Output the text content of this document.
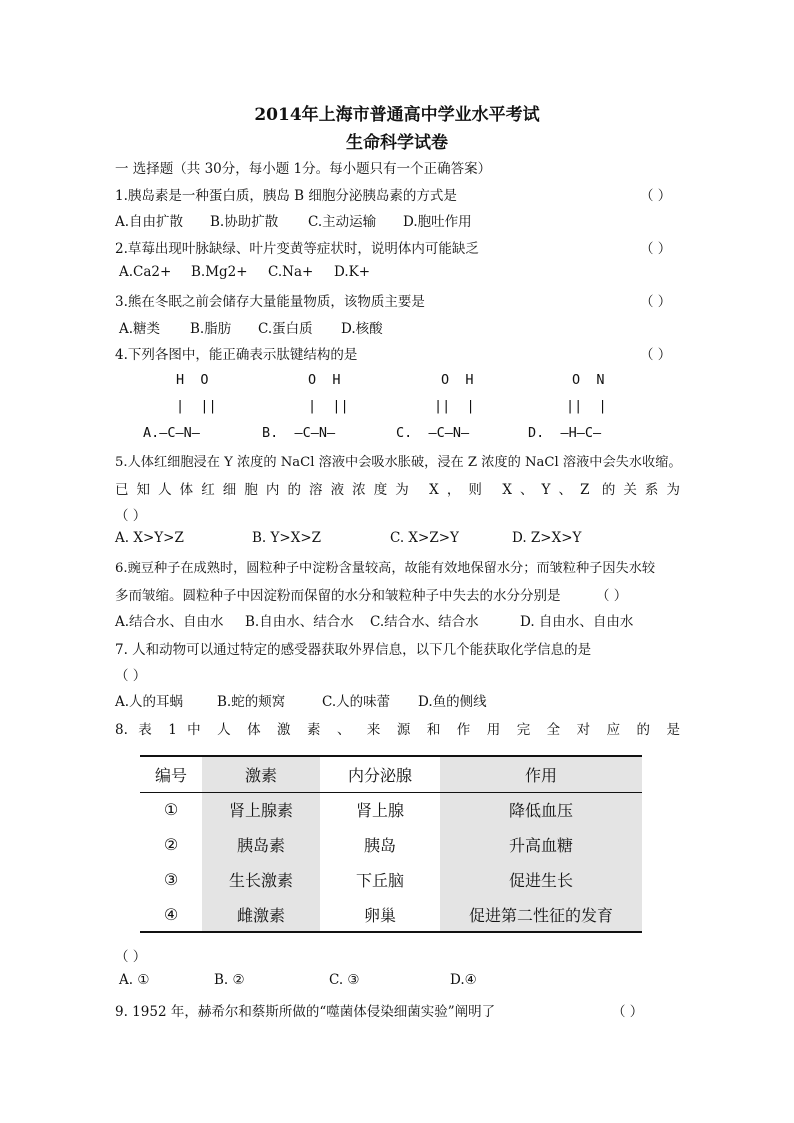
2014年上海市普通高中学业水平考试
生命科学试卷
一 选择题（共 30分，每小题 1分。每小题只有一个正确答案）
1.胰岛素是一种蛋白质，胰岛 B 细胞分泌胰岛素的方式是	（ ）
A.自由扩散 B.协助扩散 C.主动运输 D.胞吐作用
2.草莓出现叶脉缺绿、叶片变黄等症状时，说明体内可能缺乏	（ ）
A.Ca2+ B.Mg2+ C.Na+ D.K+
3.熊在冬眠之前会储存大量能量物质，该物质主要是	（ ）
A.糖类 B.脂肪 C.蛋白质 D.核酸
4.下列各图中，能正确表示肽键结构的是	（ ）
H  O
|  ||
A.—C—N—
O  H
|  ||
B.  —C—N—
O  H
||  |
C.  —C—N—
O  N
||  |
D.  —H—C—
5.人体红细胞浸在 Y 浓度的 NaCl 溶液中会吸水胀破，浸在 Z 浓度的 NaCl 溶液中会失水收缩。
已知人体红细胞内的溶液浓度为 X，则 X、Y、Z 的关系为
（ ）
A. X>Y>Z	B. Y>X>Z	C. X>Z>Y	D. Z>X>Y
6.豌豆种子在成熟时，圆粒种子中淀粉含量较高，故能有效地保留水分；而皱粒种子因失水较
多而皱缩。圆粒种子中因淀粉而保留的水分和皱粒种子中失去的水分分别是	（ ）
A.结合水、自由水 B.自由水、结合水 C.结合水、结合水	D. 自由水、自由水
7. 人和动物可以通过特定的感受器获取外界信息，以下几个能获取化学信息的是
（ ）
A.人的耳蜗	B.蛇的颊窝	C.人的味蕾 D.鱼的侧线
8. 表 1 中 人 体 激 素 、 来 源 和 作 用 完 全 对 应 的 是
编号	激素	内分泌腺	作用
①	肾上腺素	肾上腺	降低血压
②	胰岛素	胰岛	升高血糖
③	生长激素	下丘脑	促进生长
④	雌激素	卵巢	促进第二性征的发育
（ ）
A. ①	B. ②	C. ③	D.④
9. 1952 年，赫希尔和蔡斯所做的“噬菌体侵染细菌实验”阐明了	（ ）
